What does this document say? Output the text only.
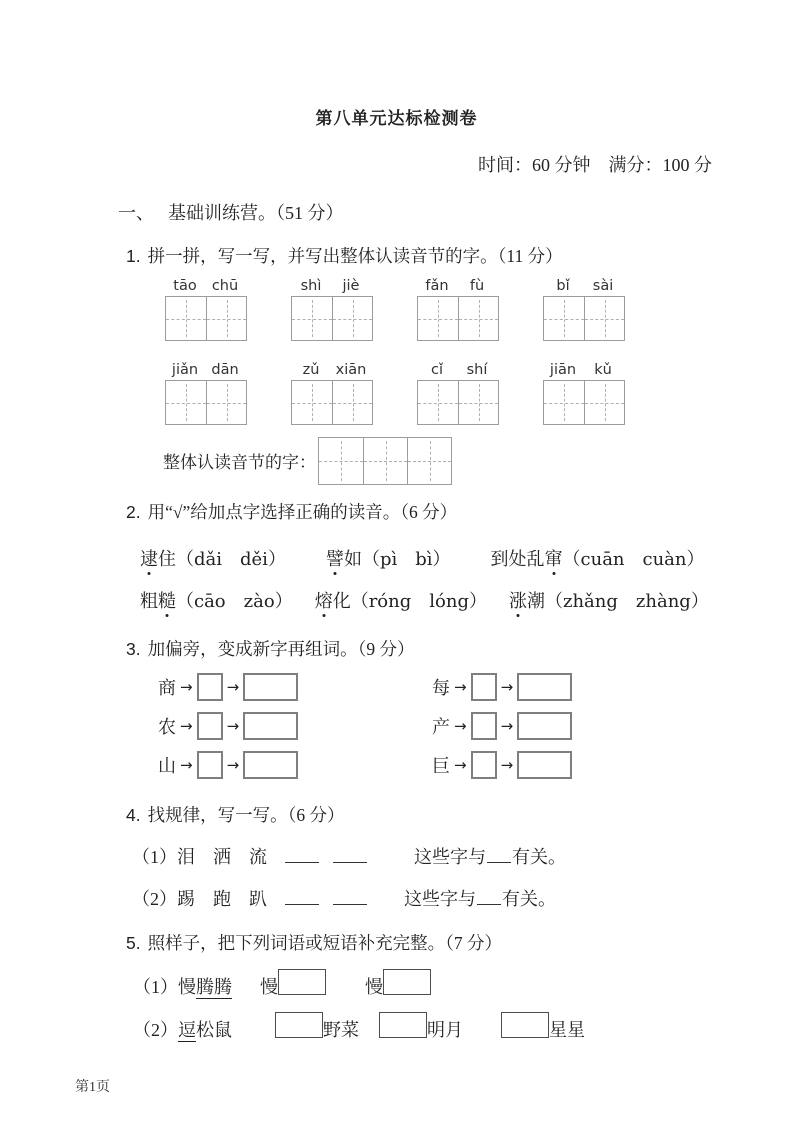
第八单元达标检测卷
时间：60 分钟　满分：100 分
一、 基础训练营。（51 分）
1. 拼一拼，写一写，并写出整体认读音节的字。（11 分）
tāo	chū	shì	jiè	fǎn	fù	bǐ	sài
jiǎn dān	zǔ	xiān	cǐ	shí	jiān	kǔ
整体认读音节的字：
2. 用“√”给加点字选择正确的读音。（6 分）
逮住（dǎi　děi） 譬如（pì　bì） 到处乱窜（cuān　cuàn）
粗糙（cāo　zào） 熔化（róng　lóng） 涨潮（zhǎng　zhàng）
3. 加偏旁，变成新字再组词。（9 分）
商 → →	每 → →
农 → →	产 → →
山 → →	巨 → →
4. 找规律，写一写。（6 分）
（1）泪　洒　流	这些字与 有关。
（2）踢　跑　趴	这些字与 有关。
5. 照样子，把下列词语或短语补充完整。（7 分）
（1）慢腾腾 慢	慢
（2）逗松鼠	野菜	明月	星星
第1页
